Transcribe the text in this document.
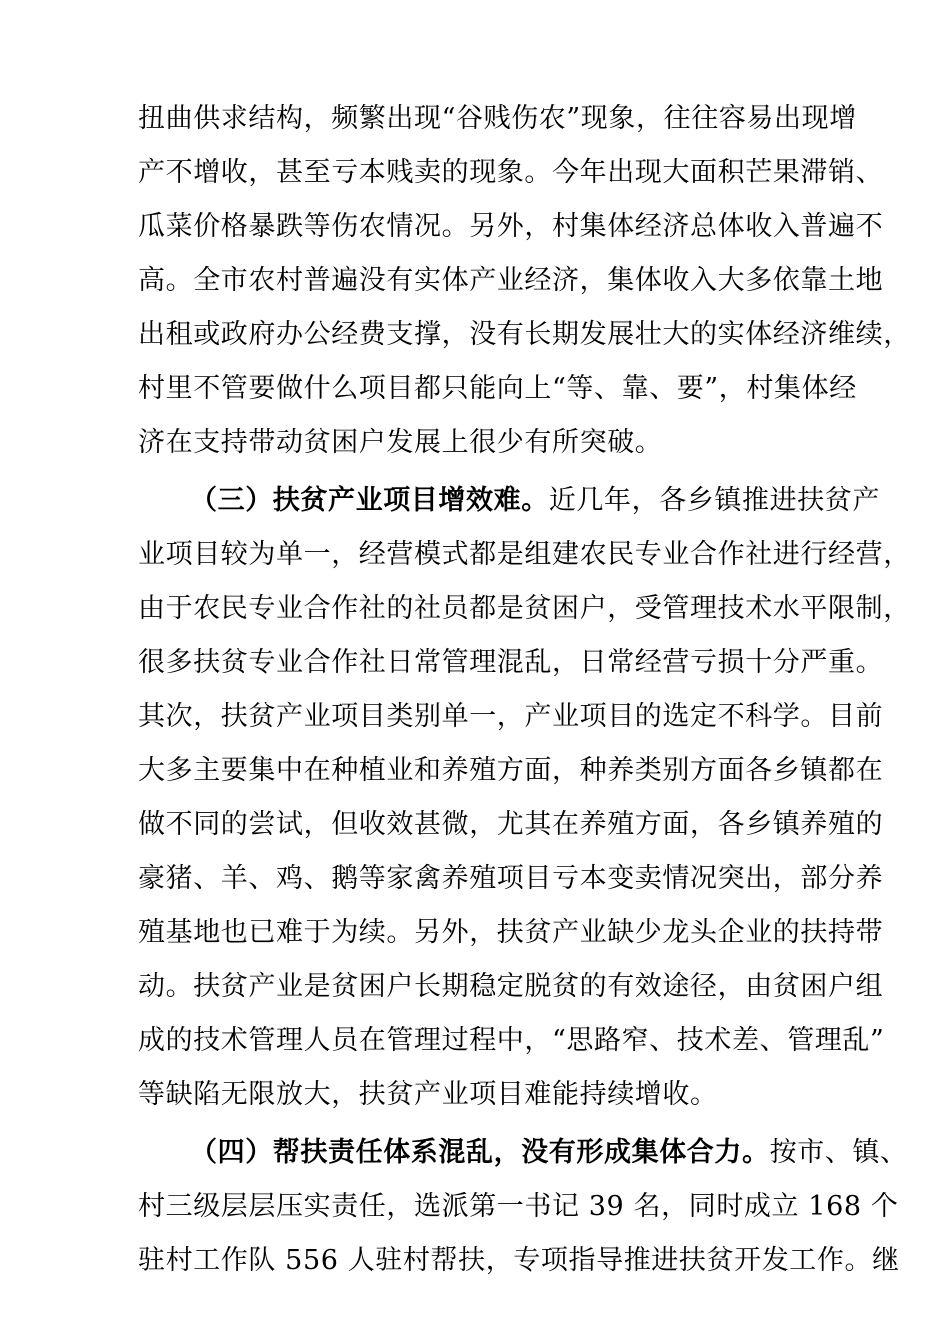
扭曲供求结构，频繁出现“谷贱伤农”现象，往往容易出现增
产不增收，甚至亏本贱卖的现象。今年出现大面积芒果滞销、
瓜菜价格暴跌等伤农情况。另外，村集体经济总体收入普遍不
高。全市农村普遍没有实体产业经济，集体收入大多依靠土地
出租或政府办公经费支撑，没有长期发展壮大的实体经济维续，
村里不管要做什么项目都只能向上“等、靠、要”，村集体经
济在支持带动贫困户发展上很少有所突破。
（三）扶贫产业项目增效难。近几年，各乡镇推进扶贫产
业项目较为单一，经营模式都是组建农民专业合作社进行经营，
由于农民专业合作社的社员都是贫困户，受管理技术水平限制，
很多扶贫专业合作社日常管理混乱，日常经营亏损十分严重。
其次，扶贫产业项目类别单一，产业项目的选定不科学。目前
大多主要集中在种植业和养殖方面，种养类别方面各乡镇都在
做不同的尝试，但收效甚微，尤其在养殖方面，各乡镇养殖的
豪猪、羊、鸡、鹅等家禽养殖项目亏本变卖情况突出，部分养
殖基地也已难于为续。另外，扶贫产业缺少龙头企业的扶持带
动。扶贫产业是贫困户长期稳定脱贫的有效途径，由贫困户组
成的技术管理人员在管理过程中，“思路窄、技术差、管理乱”
等缺陷无限放大，扶贫产业项目难能持续增收。
（四）帮扶责任体系混乱，没有形成集体合力。按市、镇、
村三级层层压实责任，选派第一书记 39 名，同时成立 168 个
驻村工作队 556 人驻村帮扶，专项指导推进扶贫开发工作。继
